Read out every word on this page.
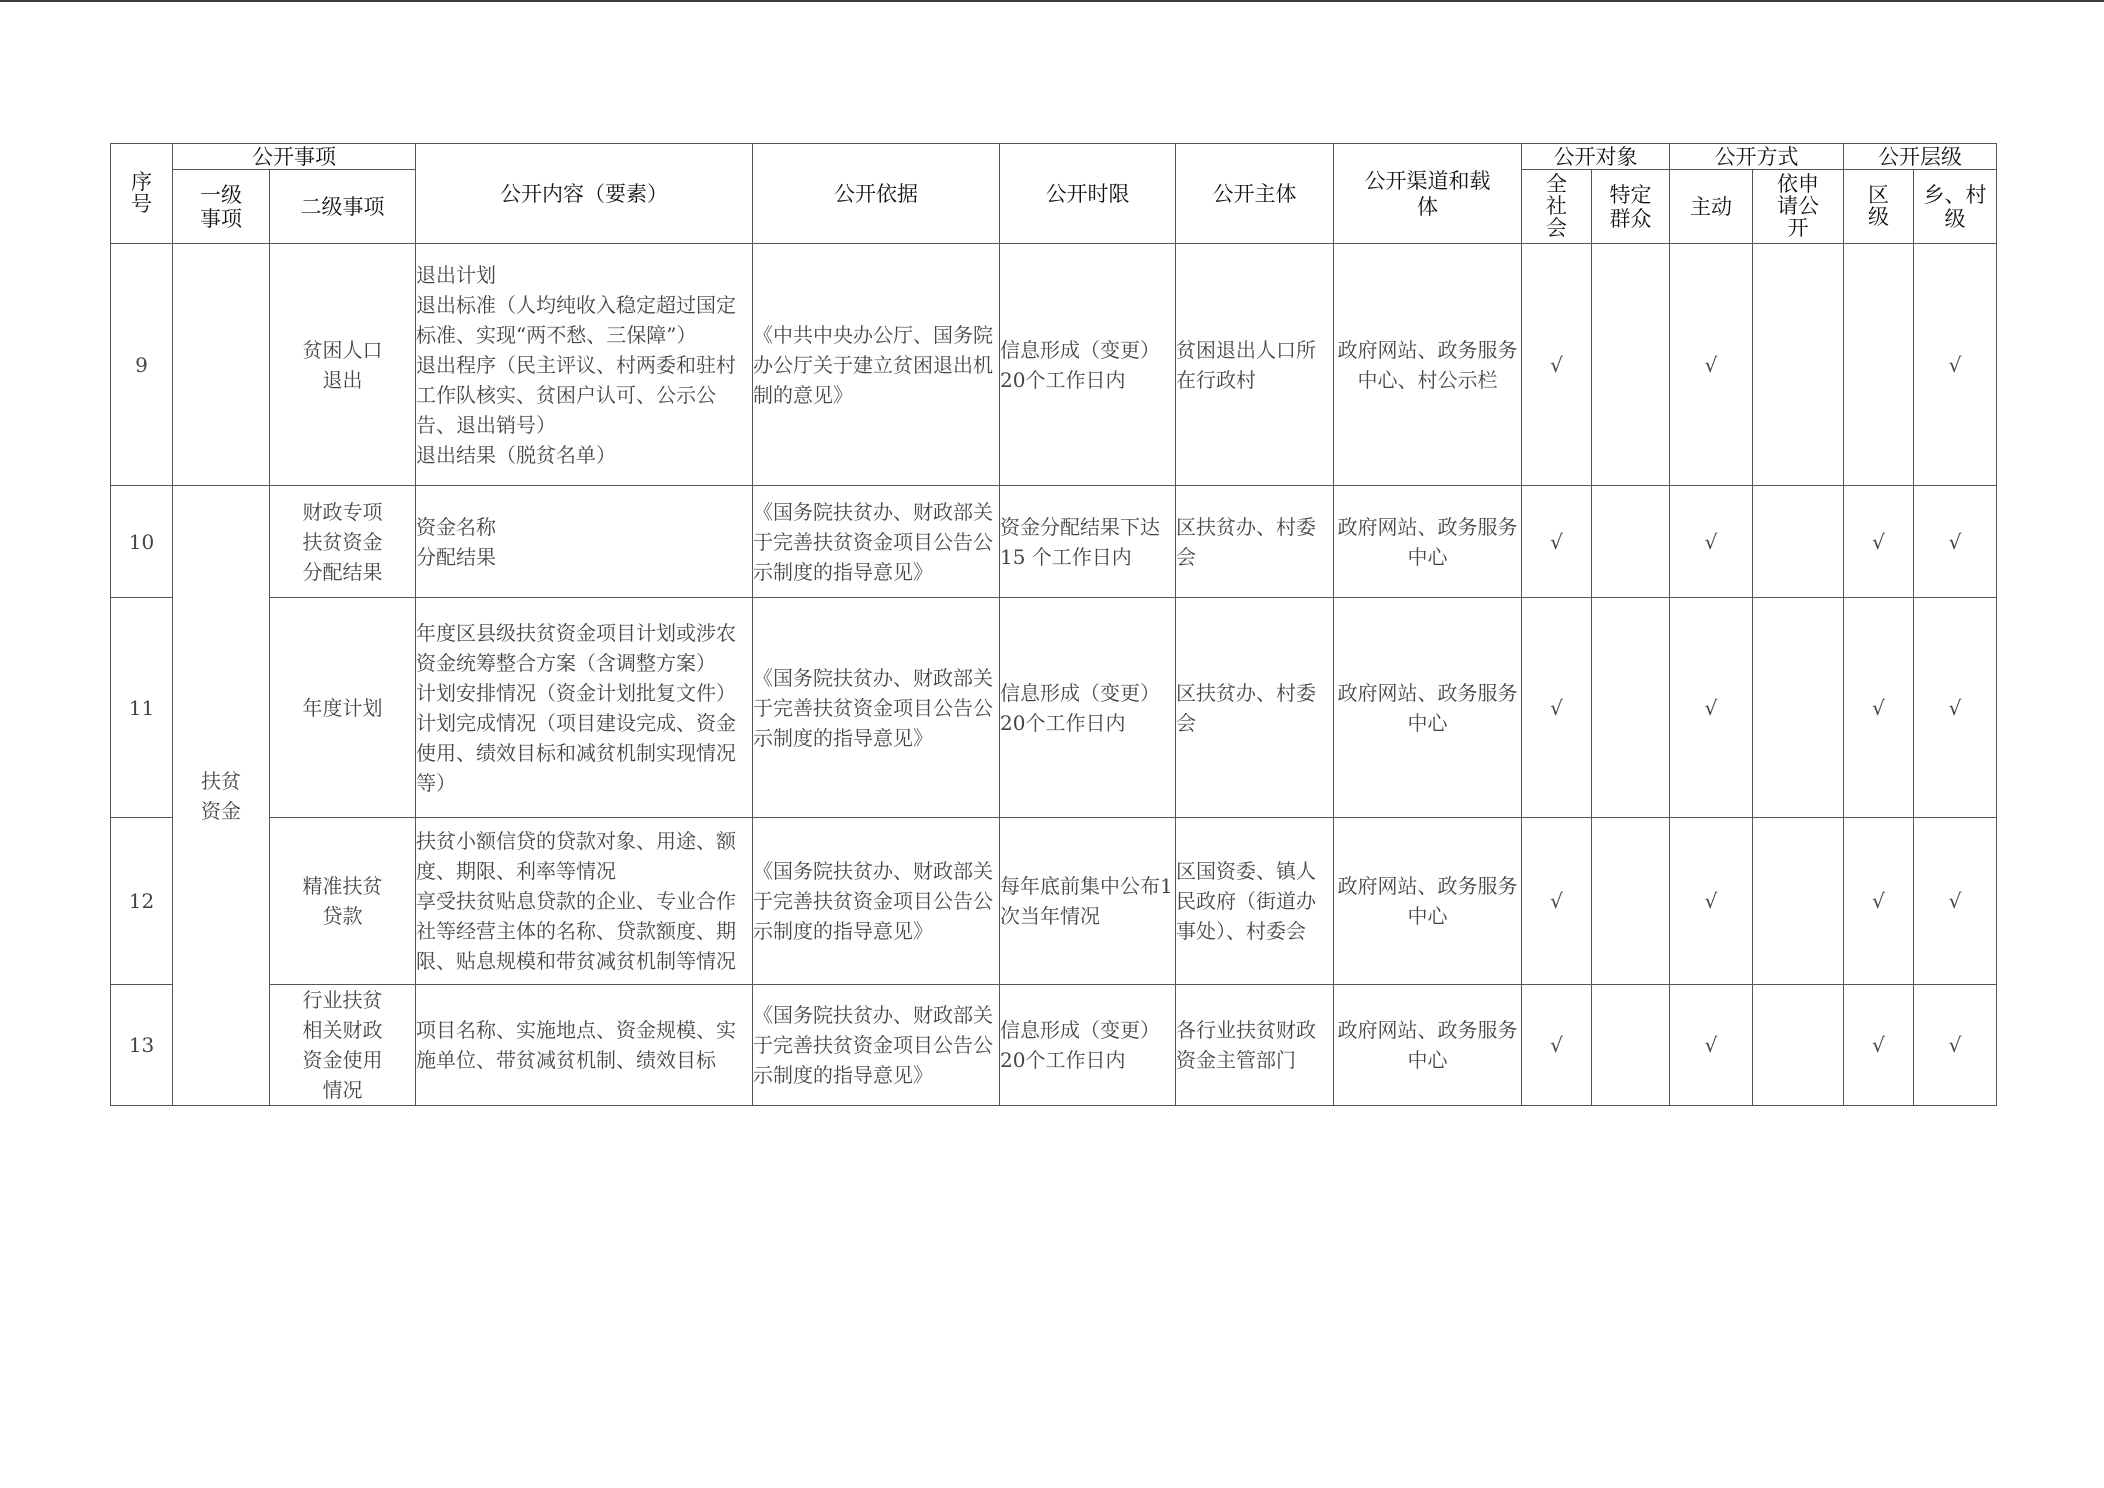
序号	公开事项		公开内容（要素）	公开依据	公开时限	公开主体	公开渠道和载体	公开对象		公开方式		公开层级	
	一级事项	二级事项						全社会	特定群众	主动	依申请公开	区级	乡、村级
9		贫困人口退出	退出计划
退出标准（人均纯收入稳定超过国定标准、实现“两不愁、三保障”）
退出程序（民主评议、村两委和驻村工作队核实、贫困户认可、公示公告、退出销号）
退出结果（脱贫名单）	《中共中央办公厅、国务院办公厅关于建立贫困退出机制的意见》	信息形成（变更）20个工作日内	贫困退出人口所在行政村	政府网站、政务服务中心、村公示栏	√		√			√
10	扶贫资金	财政专项扶贫资金分配结果	资金名称
分配结果	《国务院扶贫办、财政部关于完善扶贫资金项目公告公示制度的指导意见》	资金分配结果下达 15 个工作日内	区扶贫办、村委会	政府网站、政务服务中心	√		√		√	√
11		年度计划	年度区县级扶贫资金项目计划或涉农资金统筹整合方案（含调整方案）
计划安排情况（资金计划批复文件）
计划完成情况（项目建设完成、资金使用、绩效目标和减贫机制实现情况等）	《国务院扶贫办、财政部关于完善扶贫资金项目公告公示制度的指导意见》	信息形成（变更）20个工作日内	区扶贫办、村委会	政府网站、政务服务中心	√		√		√	√
12		精准扶贫贷款	扶贫小额信贷的贷款对象、用途、额度、期限、利率等情况
享受扶贫贴息贷款的企业、专业合作社等经营主体的名称、贷款额度、期限、贴息规模和带贫减贫机制等情况	《国务院扶贫办、财政部关于完善扶贫资金项目公告公示制度的指导意见》	每年底前集中公布1次当年情况	区国资委、镇人民政府（街道办事处）、村委会	政府网站、政务服务中心	√		√		√	√
13		行业扶贫相关财政资金使用情况	项目名称、实施地点、资金规模、实施单位、带贫减贫机制、绩效目标	《国务院扶贫办、财政部关于完善扶贫资金项目公告公示制度的指导意见》	信息形成（变更）20个工作日内	各行业扶贫财政资金主管部门	政府网站、政务服务中心	√		√		√	√
